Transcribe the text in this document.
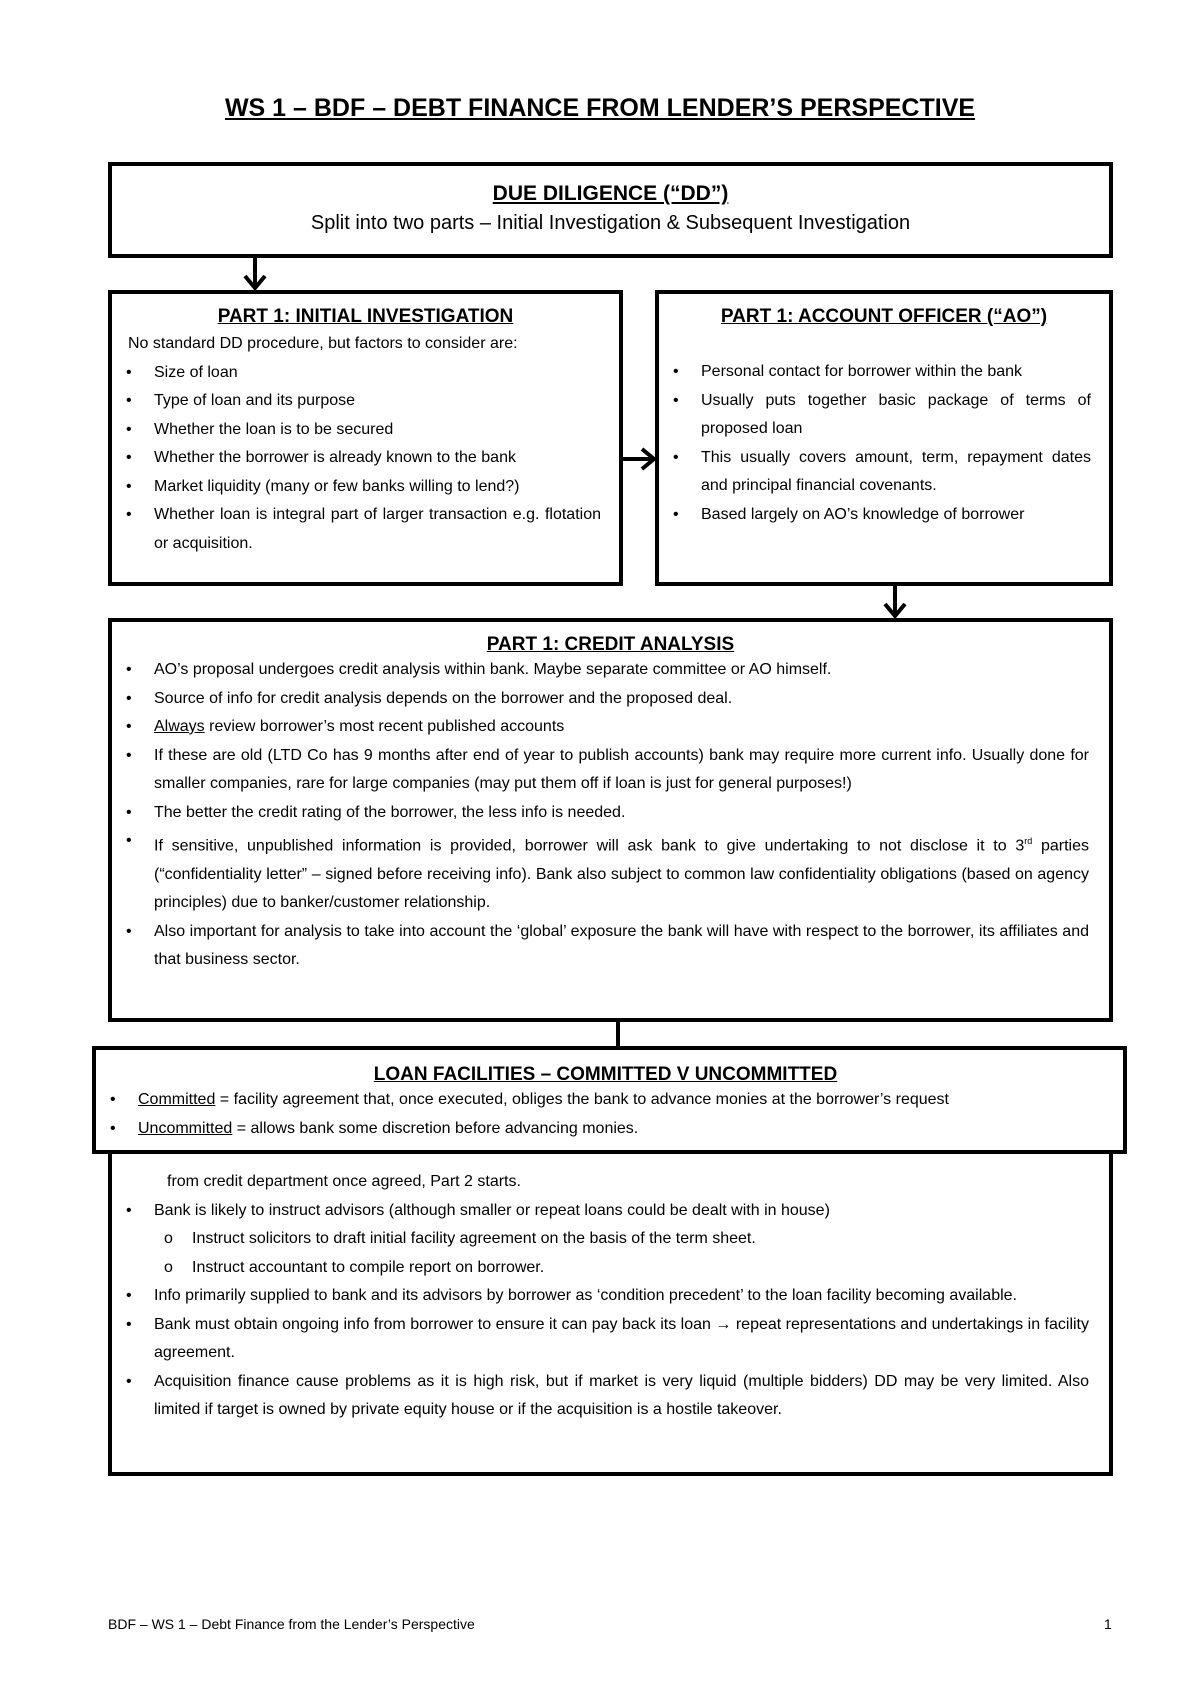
WS 1 – BDF – DEBT FINANCE FROM LENDER’S PERSPECTIVE
DUE DILIGENCE (“DD”)
Split into two parts – Initial Investigation & Subsequent Investigation
PART 1: INITIAL INVESTIGATION
No standard DD procedure, but factors to consider are:
• Size of loan
• Type of loan and its purpose
• Whether the loan is to be secured
• Whether the borrower is already known to the bank
• Market liquidity (many or few banks willing to lend?)
• Whether loan is integral part of larger transaction e.g. flotation or acquisition.
PART 1: ACCOUNT OFFICER (“AO”)
• Personal contact for borrower within the bank
• Usually puts together basic package of terms of proposed loan
• This usually covers amount, term, repayment dates and principal financial covenants.
• Based largely on AO’s knowledge of borrower
PART 1: CREDIT ANALYSIS
• AO’s proposal undergoes credit analysis within bank. Maybe separate committee or AO himself.
• Source of info for credit analysis depends on the borrower and the proposed deal.
• Always review borrower’s most recent published accounts
• If these are old (LTD Co has 9 months after end of year to publish accounts) bank may require more current info. Usually done for smaller companies, rare for large companies (may put them off if loan is just for general purposes!)
• The better the credit rating of the borrower, the less info is needed.
• If sensitive, unpublished information is provided, borrower will ask bank to give undertaking to not disclose it to 3rd parties (“confidentiality letter” – signed before receiving info). Bank also subject to common law confidentiality obligations (based on agency principles) due to banker/customer relationship.
• Also important for analysis to take into account the ‘global’ exposure the bank will have with respect to the borrower, its affiliates and that business sector.
from credit department once agreed, Part 2 starts.
• Bank is likely to instruct advisors (although smaller or repeat loans could be dealt with in house)
o Instruct solicitors to draft initial facility agreement on the basis of the term sheet.
o Instruct accountant to compile report on borrower.
• Info primarily supplied to bank and its advisors by borrower as ‘condition precedent’ to the loan facility becoming available.
• Bank must obtain ongoing info from borrower to ensure it can pay back its loan → repeat representations and undertakings in facility agreement.
• Acquisition finance cause problems as it is high risk, but if market is very liquid (multiple bidders) DD may be very limited. Also limited if target is owned by private equity house or if the acquisition is a hostile takeover.
LOAN FACILITIES – COMMITTED V UNCOMMITTED
• Committed = facility agreement that, once executed, obliges the bank to advance monies at the borrower’s request
• Uncommitted = allows bank some discretion before advancing monies.
BDF – WS 1 – Debt Finance from the Lender’s Perspective	1
